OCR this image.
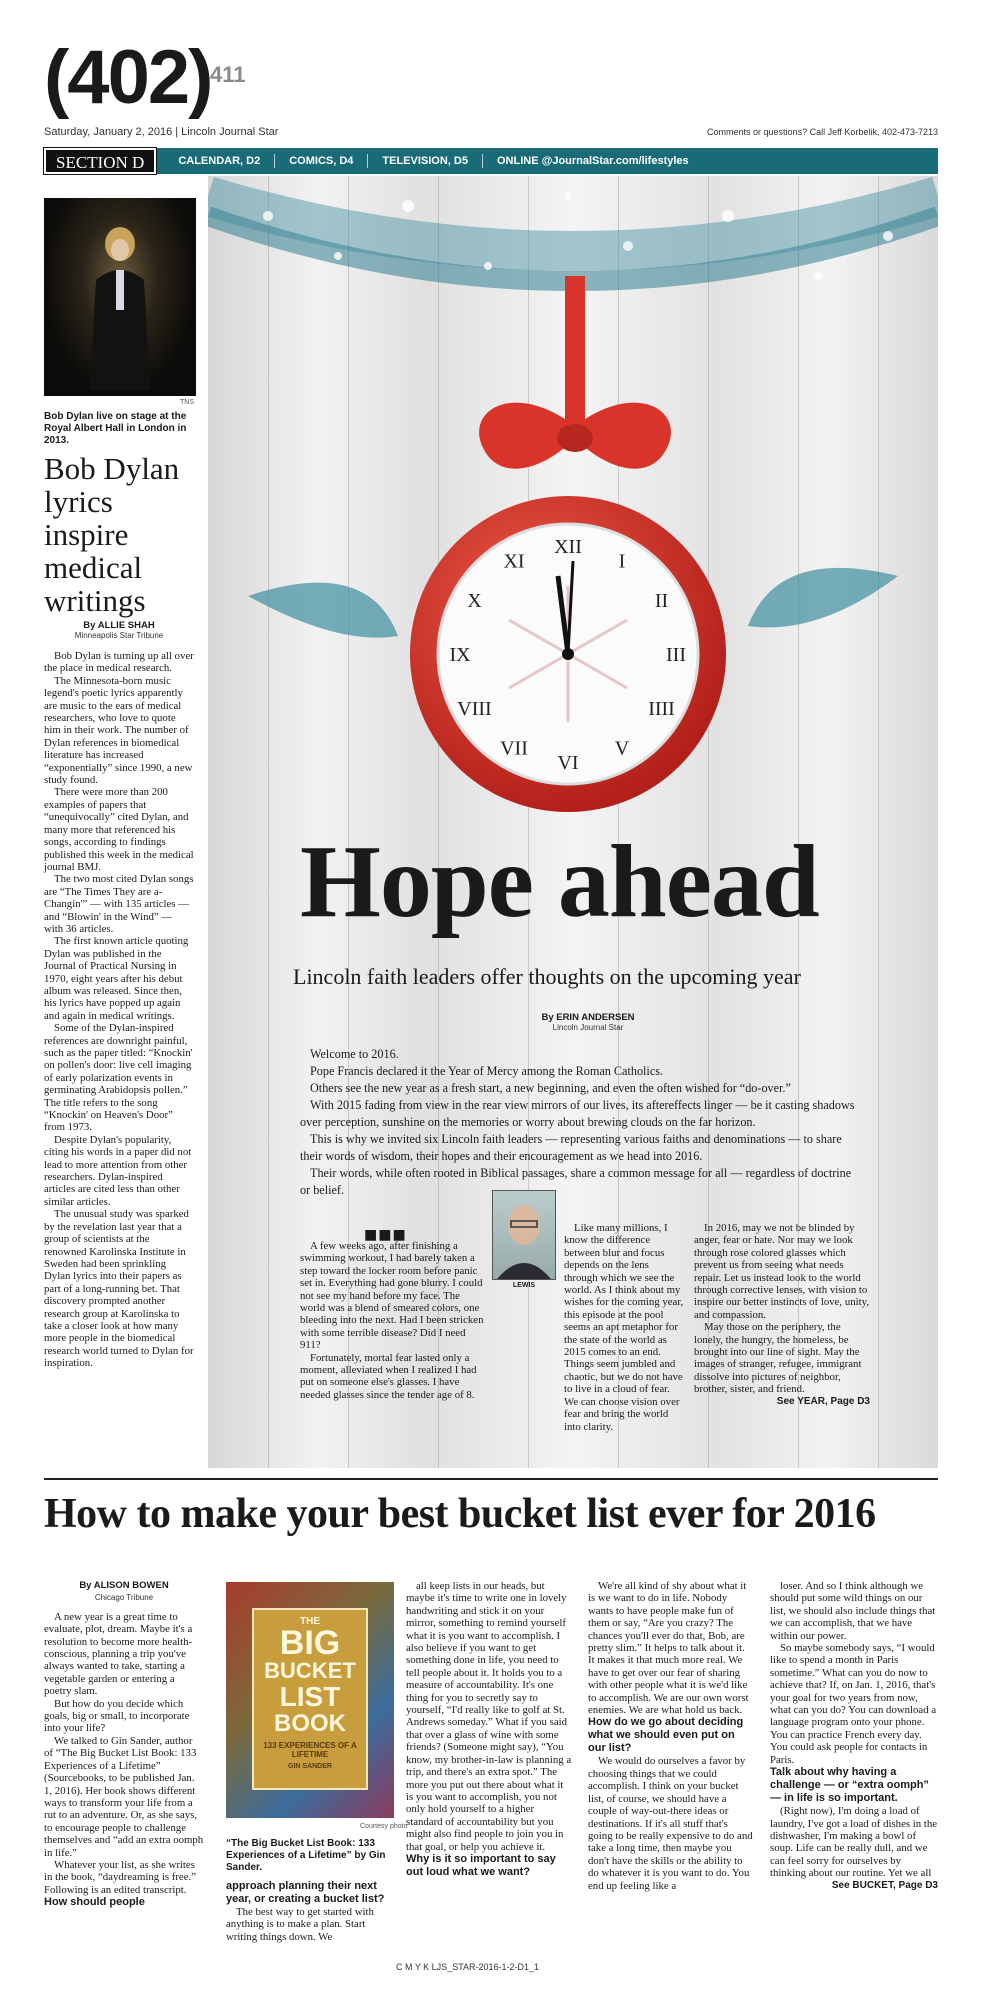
(402)
411
Saturday, January 2, 2016 | Lincoln Journal Star	Comments or questions? Call Jeff Korbelik, 402-473-7213
SECTION D	CALENDAR, D2	COMICS, D4	TELEVISION, D5	ONLINE @JournalStar.com/lifestyles
TNS
Bob Dylan live on stage at the Royal Albert Hall in London in 2013.
Bob Dylan lyrics inspire medical writings
By ALLIE SHAH
Minneapolis Star Tribune

Bob Dylan is turning up all over the place in medical research.

The Minnesota-born music legend's poetic lyrics apparently are music to the ears of medical researchers, who love to quote him in their work. The number of Dylan references in biomedical literature has increased “exponentially” since 1990, a new study found.

There were more than 200 examples of papers that “unequivocally” cited Dylan, and many more that referenced his songs, according to findings published this week in the medical journal BMJ.

The two most cited Dylan songs are “The Times They are a-Changin'” — with 135 articles — and “Blowin' in the Wind” — with 36 articles.

The first known article quoting Dylan was published in the Journal of Practical Nursing in 1970, eight years after his debut album was released. Since then, his lyrics have popped up again and again in medical writings.

Some of the Dylan-inspired references are downright painful, such as the paper titled: “Knockin' on pollen's door: live cell imaging of early polarization events in germinating Arabidopsis pollen.” The title refers to the song “Knockin' on Heaven's Door” from 1973.

Despite Dylan's popularity, citing his words in a paper did not lead to more attention from other researchers. Dylan-inspired articles are cited less than other similar articles.

The unusual study was sparked by the revelation last year that a group of scientists at the renowned Karolinska Institute in Sweden had been sprinkling Dylan lyrics into their papers as part of a long-running bet. That discovery prompted another research group at Karolinska to take a closer look at how many more people in the biomedical research world turned to Dylan for inspiration.

XII
I
II
III
IIII
V
VI
VII
VIII
IX
X
XI
Hope ahead
Lincoln faith leaders offer thoughts on the upcoming year
By ERIN ANDERSEN
Lincoln Journal Star

Welcome to 2016.

Pope Francis declared it the Year of Mercy among the Roman Catholics.

Others see the new year as a fresh start, a new beginning, and even the often wished for “do-over.”

With 2015 fading from view in the rear view mirrors of our lives, its aftereffects linger — be it casting shadows over perception, sunshine on the memories or worry about brewing clouds on the far horizon.

This is why we invited six Lincoln faith leaders — representing various faiths and denominations — to share their words of wisdom, their hopes and their encouragement as we head into 2016.

Their words, while often rooted in Biblical passages, share a common message for all — regardless of doctrine or belief.

■■■

A few weeks ago, after finishing a swimming workout, I had barely taken a step toward the locker room before panic set in. Everything had gone blurry. I could not see my hand before my face. The world was a blend of smeared colors, one bleeding into the next. Had I been stricken with some terrible disease? Did I need 911?

Fortunately, mortal fear lasted only a moment, alleviated when I realized I had put on someone else's glasses. I have needed glasses since the tender age of 8.

LEWIS

Like many millions, I know the difference between blur and focus depends on the lens through which we see the world. As I think about my wishes for the coming year, this episode at the pool seems an apt metaphor for the state of the world as 2015 comes to an end. Things seem jumbled and chaotic, but we do not have to live in a cloud of fear. We can choose vision over fear and bring the world into clarity.

In 2016, may we not be blinded by anger, fear or hate. Nor may we look through rose colored glasses which prevent us from seeing what needs repair. Let us instead look to the world through corrective lenses, with vision to inspire our better instincts of love, unity, and compassion.

May those on the periphery, the lonely, the hungry, the homeless, be brought into our line of sight. May the images of stranger, refugee, immigrant dissolve into pictures of neighbor, brother, sister, and friend.

See YEAR, Page D3
How to make your best bucket list ever for 2016
By ALISON BOWEN
Chicago Tribune

A new year is a great time to evaluate, plot, dream. Maybe it's a resolution to become more health-conscious, planning a trip you've always wanted to take, starting a vegetable garden or entering a poetry slam.

But how do you decide which goals, big or small, to incorporate into your life?

We talked to Gin Sander, author of “The Big Bucket List Book: 133 Experiences of a Lifetime” (Sourcebooks, to be published Jan. 1, 2016). Her book shows different ways to transform your life from a rut to an adventure. Or, as she says, to encourage people to challenge themselves and “add an extra oomph in life.”

Whatever your list, as she writes in the book, “daydreaming is free.” Following is an edited transcript.

How should people

THE
BIG
BUCKET
LIST
BOOK
133 EXPERIENCES OF A LIFETIME
GIN SANDER
Courtesy photo
“The Big Bucket List Book: 133 Experiences of a Lifetime” by Gin Sander.

approach planning their next year, or creating a bucket list?

The best way to get started with anything is to make a plan. Start writing things down. We

all keep lists in our heads, but maybe it's time to write one in lovely handwriting and stick it on your mirror, something to remind yourself what it is you want to accomplish. I also believe if you want to get something done in life, you need to tell people about it. It holds you to a measure of accountability. It's one thing for you to secretly say to yourself, “I'd really like to golf at St. Andrews someday.” What if you said that over a glass of wine with some friends? (Someone might say), “You know, my brother-in-law is planning a trip, and there's an extra spot.” The more you put out there about what it is you want to accomplish, you not only hold yourself to a higher standard of accountability but you might also find people to join you in that goal, or help you achieve it.

Why is it so important to say out loud what we want?

We're all kind of shy about what it is we want to do in life. Nobody wants to have people make fun of them or say, “Are you crazy? The chances you'll ever do that, Bob, are pretty slim.” It helps to talk about it. It makes it that much more real. We have to get over our fear of sharing with other people what it is we'd like to accomplish. We are our own worst enemies. We are what hold us back.

How do we go about deciding what we should even put on our list?

We would do ourselves a favor by choosing things that we could accomplish. I think on your bucket list, of course, we should have a couple of way-out-there ideas or destinations. If it's all stuff that's going to be really expensive to do and take a long time, then maybe you don't have the skills or the ability to do whatever it is you want to do. You end up feeling like a

loser. And so I think although we should put some wild things on our list, we should also include things that we can accomplish, that we have within our power.

So maybe somebody says, “I would like to spend a month in Paris sometime.” What can you do now to achieve that? If, on Jan. 1, 2016, that's your goal for two years from now, what can you do? You can download a language program onto your phone. You can practice French every day. You could ask people for contacts in Paris.

Talk about why having a challenge — or “extra oomph” — in life is so important.

(Right now), I'm doing a load of laundry, I've got a load of dishes in the dishwasher, I'm making a bowl of soup. Life can be really dull, and we can feel sorry for ourselves by thinking about our routine. Yet we all

See BUCKET, Page D3
C M Y K LJS_STAR-2016-1-2-D1_1
